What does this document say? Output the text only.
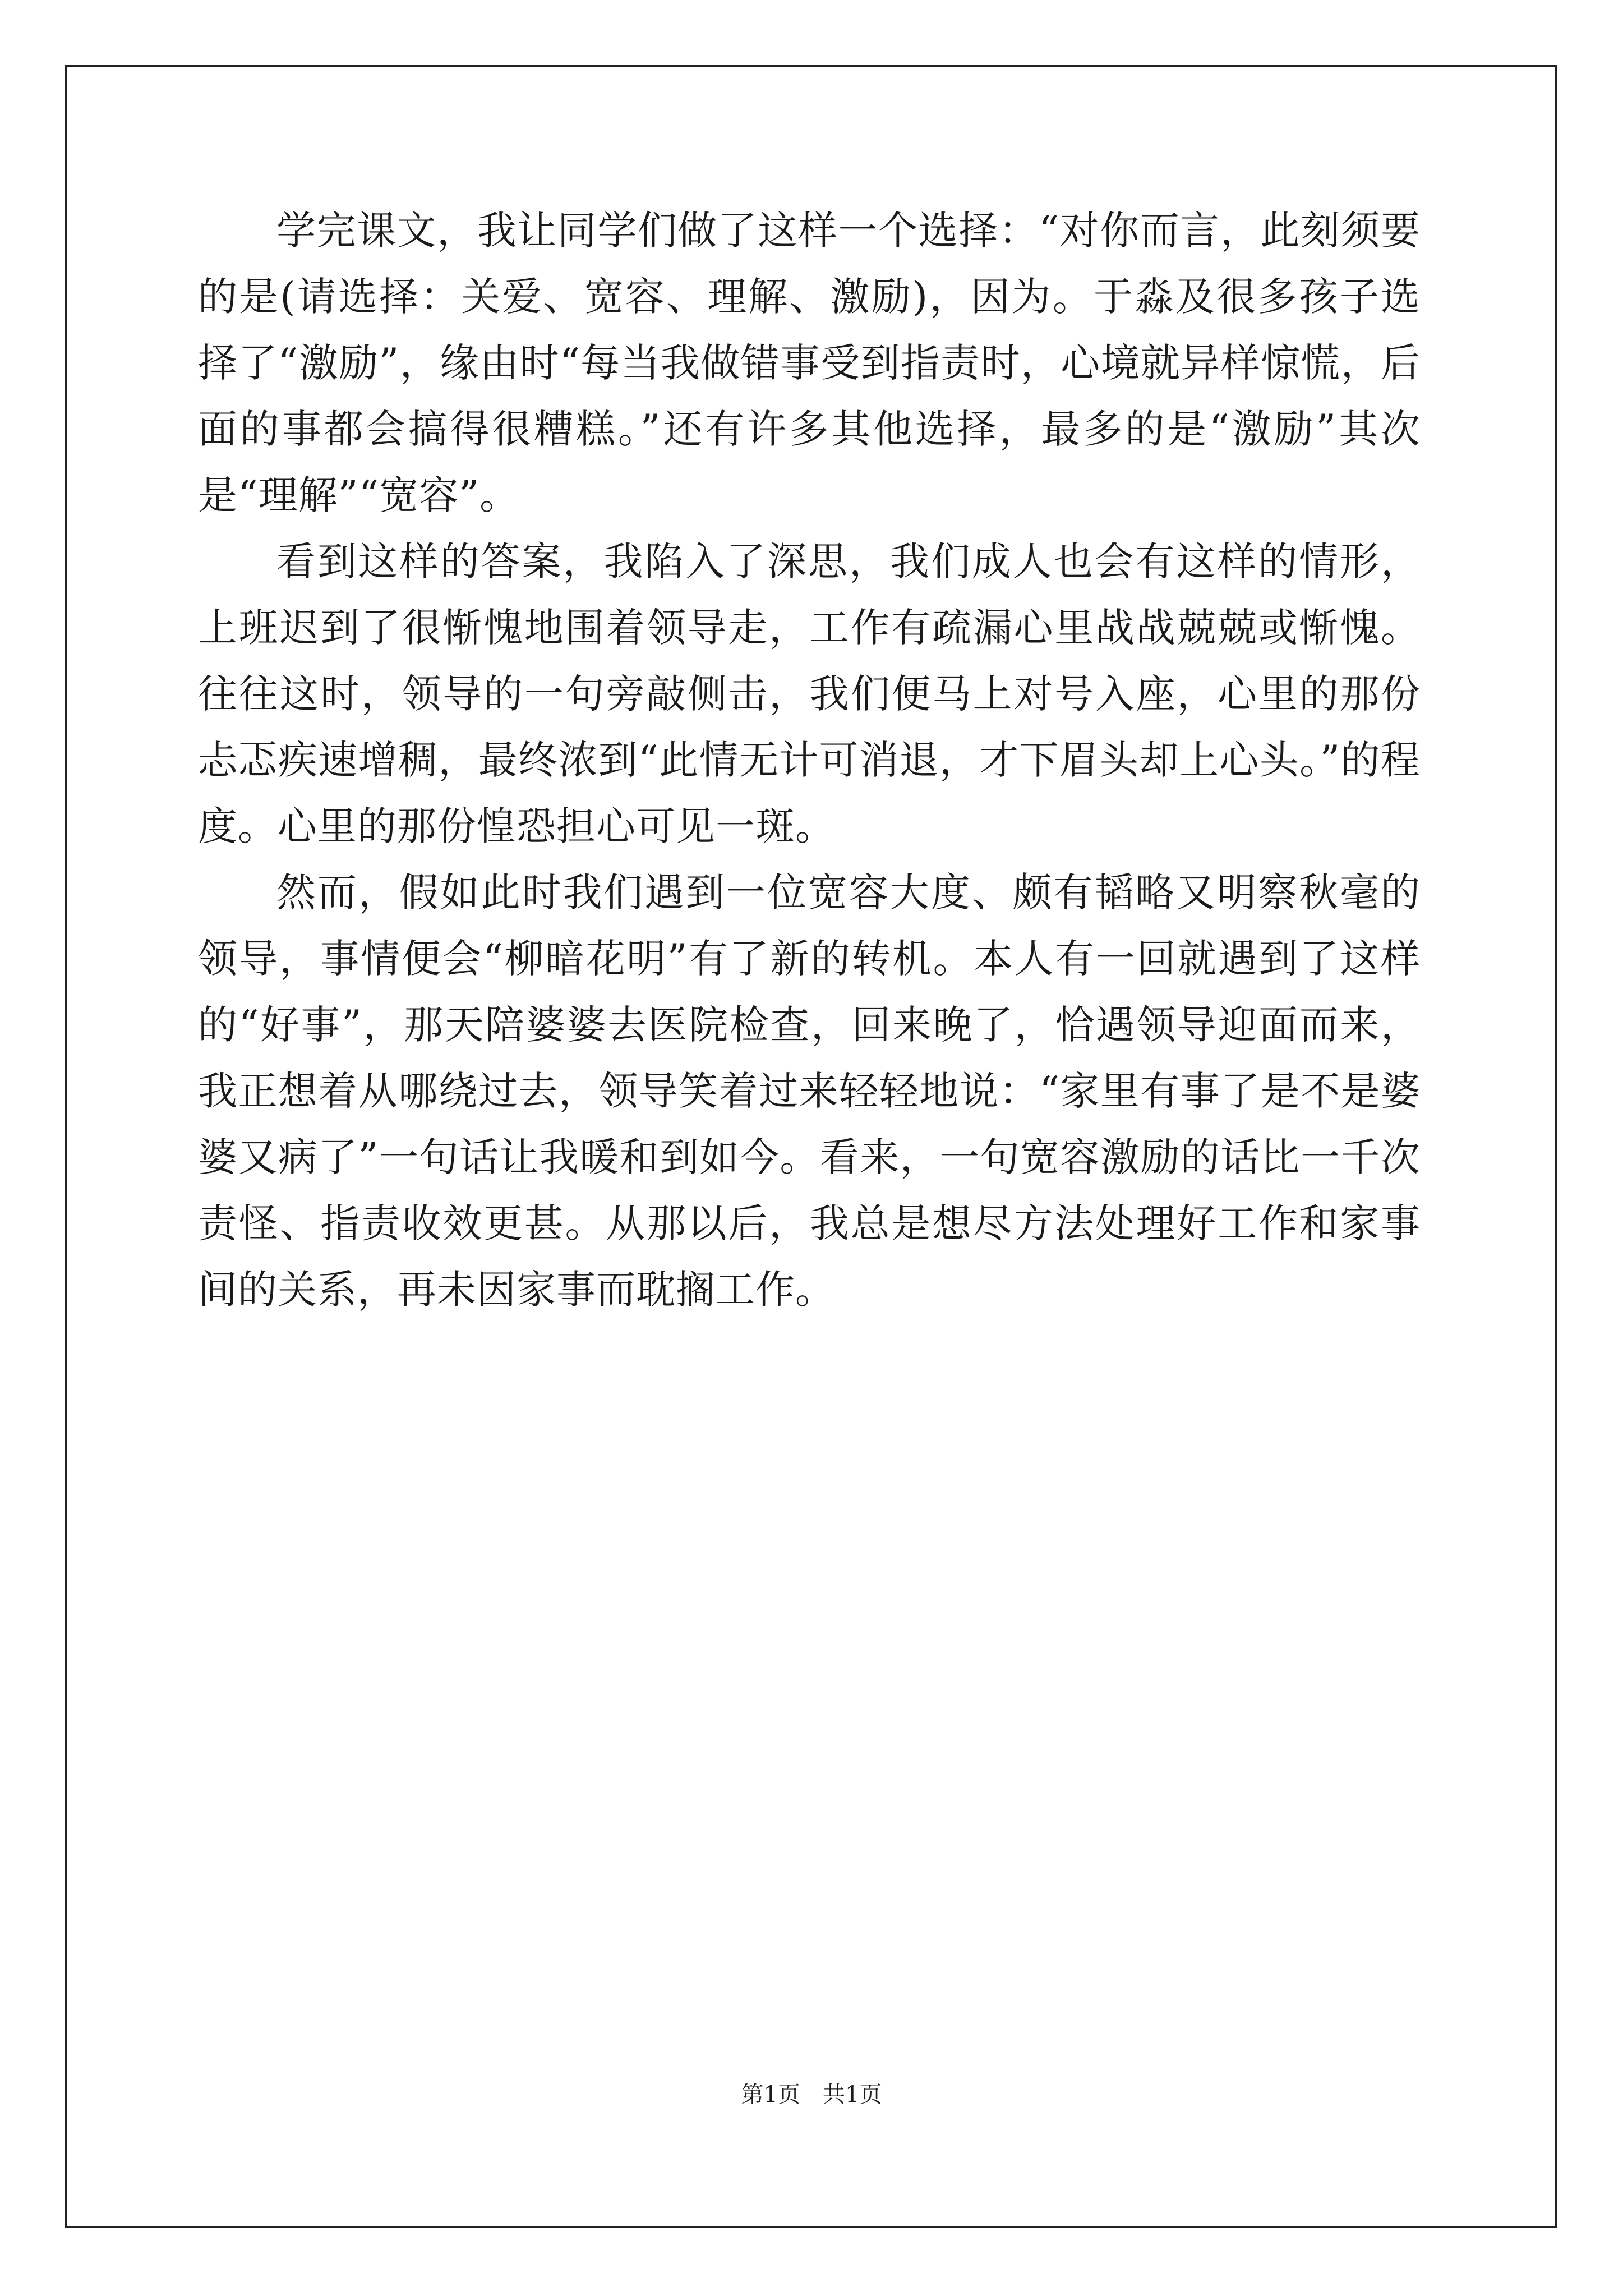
学完课文，我让同学们做了这样一个选择：“对你而言，此刻须要的是(请选择：关爱、宽容、理解、激励)，因为。于淼及很多孩子选择了“激励”，缘由时“每当我做错事受到指责时，心境就异样惊慌，后面的事都会搞得很糟糕。”还有许多其他选择，最多的是“激励”其次是“理解”“宽容”。

看到这样的答案，我陷入了深思，我们成人也会有这样的情形，上班迟到了很惭愧地围着领导走，工作有疏漏心里战战兢兢或惭愧。往往这时，领导的一句旁敲侧击，我们便马上对号入座，心里的那份忐忑疾速增稠，最终浓到“此情无计可消退，才下眉头却上心头。”的程度。心里的那份惶恐担心可见一斑。

然而，假如此时我们遇到一位宽容大度、颇有韬略又明察秋毫的领导，事情便会“柳暗花明”有了新的转机。本人有一回就遇到了这样的“好事”，那天陪婆婆去医院检查，回来晚了，恰遇领导迎面而来，我正想着从哪绕过去，领导笑着过来轻轻地说：“家里有事了是不是婆婆又病了”一句话让我暖和到如今。看来，一句宽容激励的话比一千次责怪、指责收效更甚。从那以后，我总是想尽方法处理好工作和家事间的关系，再未因家事而耽搁工作。

第1页 共1页
